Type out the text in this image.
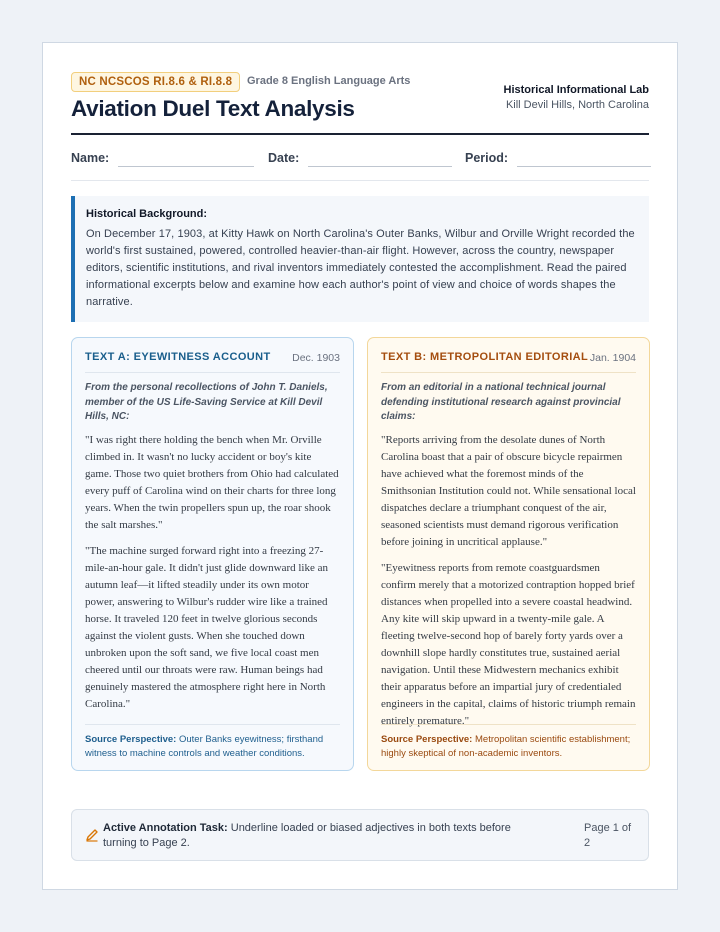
NC NCSCOS RI.8.6 & RI.8.8	Grade 8 English Language Arts
Aviation Duel Text Analysis
Historical Informational Lab
Kill Devil Hills, North Carolina
Name:	Date:	Period:
Historical Background:
On December 17, 1903, at Kitty Hawk on North Carolina's Outer Banks, Wilbur and Orville Wright recorded the world's first sustained, powered, controlled heavier-than-air flight. However, across the country, newspaper editors, scientific institutions, and rival inventors immediately contested the accomplishment. Read the paired informational excerpts below and examine how each author's point of view and choice of words shapes the narrative.
TEXT A: EYEWITNESS ACCOUNT Dec. 1903
From the personal recollections of John T. Daniels, member of the US Life-Saving Service at Kill Devil Hills, NC:

"I was right there holding the bench when Mr. Orville climbed in. It wasn't no lucky accident or boy's kite game. Those two quiet brothers from Ohio had calculated every puff of Carolina wind on their charts for three long years. When the twin propellers spun up, the roar shook the salt marshes."

"The machine surged forward right into a freezing 27-mile-an-hour gale. It didn't just glide downward like an autumn leaf—it lifted steadily under its own motor power, answering to Wilbur's rudder wire like a trained horse. It traveled 120 feet in twelve glorious seconds against the violent gusts. When she touched down unbroken upon the soft sand, we five local coast men cheered until our throats were raw. Human beings had genuinely mastered the atmosphere right here in North Carolina."

Source Perspective: Outer Banks eyewitness; firsthand witness to machine controls and weather conditions.
TEXT B: METROPOLITAN EDITORIAL Jan. 1904
From an editorial in a national technical journal defending institutional research against provincial claims:

"Reports arriving from the desolate dunes of North Carolina boast that a pair of obscure bicycle repairmen have achieved what the foremost minds of the Smithsonian Institution could not. While sensational local dispatches declare a triumphant conquest of the air, seasoned scientists must demand rigorous verification before joining in uncritical applause."

"Eyewitness reports from remote coastguardsmen confirm merely that a motorized contraption hopped brief distances when propelled into a severe coastal headwind. Any kite will skip upward in a twenty-mile gale. A fleeting twelve-second hop of barely forty yards over a downhill slope hardly constitutes true, sustained aerial navigation. Until these Midwestern mechanics exhibit their apparatus before an impartial jury of credentialed engineers in the capital, claims of historic triumph remain entirely premature."

Source Perspective: Metropolitan scientific establishment; highly skeptical of non-academic inventors.
Active Annotation Task: Underline loaded or biased adjectives in both texts before turning to Page 2.
Page 1 of 2
